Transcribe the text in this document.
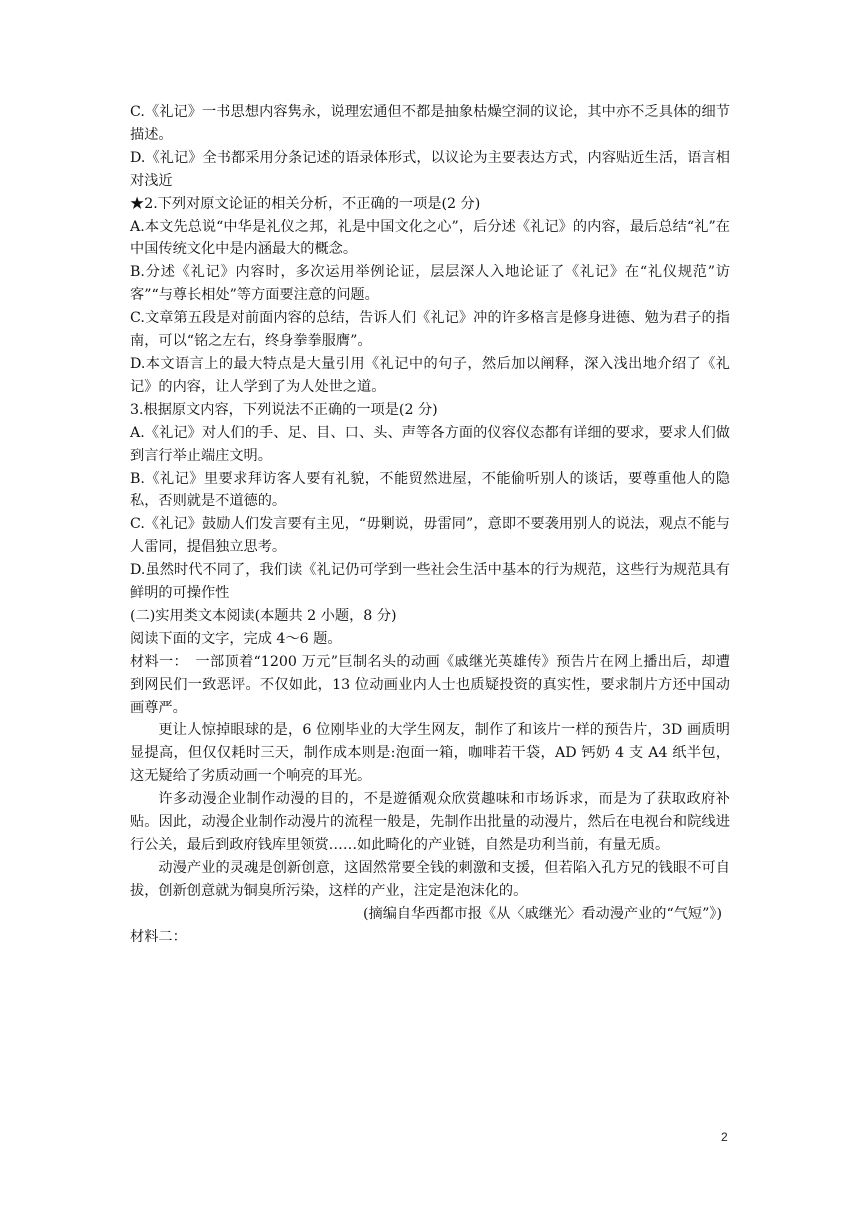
C.《礼记》一书思想内容隽永，说理宏通但不都是抽象枯燥空洞的议论，其中亦不乏具体的细节描述。

D.《礼记》全书都采用分条记述的语录体形式，以议论为主要表达方式，内容贴近生活，语言相对浅近

★2.下列对原文论证的相关分析，不正确的一项是(2 分)

A.本文先总说“中华是礼仪之邦，礼是中国文化之心”，后分述《礼记》的内容，最后总结“礼”在中国传统文化中是内涵最大的概念。

B.分述《礼记》内容时，多次运用举例论证，层层深人入地论证了《礼记》在“礼仪规范”访客”“与尊长相处”等方面要注意的问题。

C.文章第五段是对前面内容的总结，告诉人们《礼记》冲的许多格言是修身进德、勉为君子的指南，可以“铭之左右，终身拳拳服膺”。

D.本文语言上的最大特点是大量引用《礼记中的句子，然后加以阐释，深入浅出地介绍了《礼记》的内容，让人学到了为人处世之道。

3.根据原文内容，下列说法不正确的一项是(2 分)

A.《礼记》对人们的手、足、目、口、头、声等各方面的仪容仪态都有详细的要求，要求人们做到言行举止端庄文明。

B.《礼记》里要求拜访客人要有礼貌，不能贸然进屋，不能偷听别人的谈话，要尊重他人的隐私，否则就是不道德的。

C.《礼记》鼓励人们发言要有主见，“毋剿说，毋雷同”，意即不要袭用别人的说法，观点不能与人雷同，提倡独立思考。

D.虽然时代不同了，我们读《礼记仍可学到一些社会生活中基本的行为规范，这些行为规范具有鲜明的可操作性

(二)实用类文本阅读(本题共 2 小题，8 分)

阅读下面的文字，完成 4～6 题。

材料一：　一部顶着“1200 万元”巨制名头的动画《戚继光英雄传》预告片在网上播出后，却遭到网民们一致恶评。不仅如此，13 位动画业内人士也质疑投资的真实性，要求制片方还中国动画尊严。

更让人惊掉眼球的是，6 位刚毕业的大学生网友，制作了和该片一样的预告片，3D 画质明显提高，但仅仅耗时三天，制作成本则是:泡面一箱，咖啡若干袋，AD 钙奶 4 支 A4 纸半包，这无疑给了劣质动画一个响亮的耳光。

许多动漫企业制作动漫的目的，不是遊循观众欣赏趣味和市场诉求，而是为了获取政府补贴。因此，动漫企业制作动漫片的流程一般是，先制作出批量的动漫片，然后在电视台和院线进行公关，最后到政府钱库里领赏……如此畸化的产业链，自然是功利当前，有量无质。

动漫产业的灵魂是创新创意，这固然常要全钱的刺激和支援，但若陷入孔方兄的钱眼不可自拔，创新创意就为铜臭所污染，这样的产业，注定是泡沫化的。

(摘编自华西都市报《从〈戚继光〉看动漫产业的“气短”》)

材料二：

2
